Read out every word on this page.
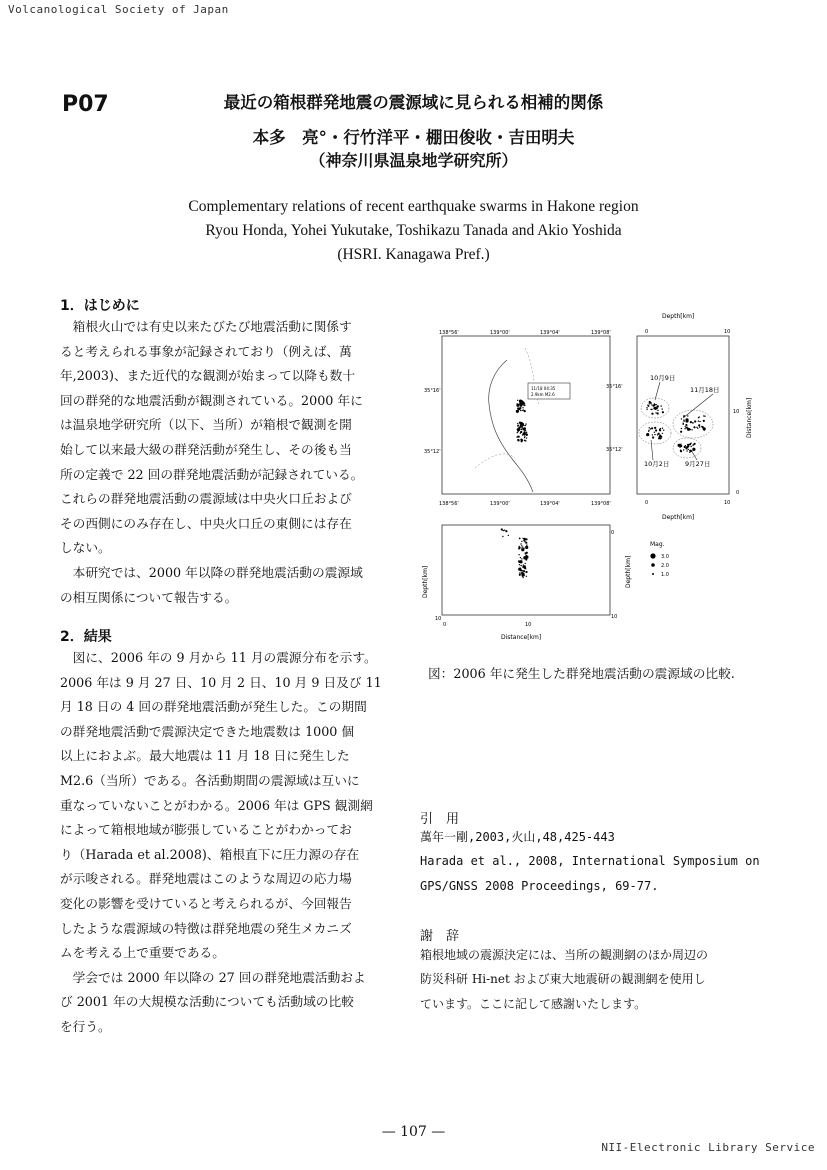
Volcanological Society of Japan
P07	最近の箱根群発地震の震源域に見られる相補的関係
本多　亮°・行竹洋平・棚田俊收・吉田明夫
（神奈川県温泉地学研究所）
Complementary relations of recent earthquake swarms in Hakone region
Ryou Honda, Yohei Yukutake, Toshikazu Tanada and Akio Yoshida
(HSRI. Kanagawa Pref.)
1．はじめに
　箱根火山では有史以来たびたび地震活動に関係す
ると考えられる事象が記録されており（例えば、萬
年,2003)、また近代的な観測が始まって以降も数十
回の群発的な地震活動が観測されている。2000 年に
は温泉地学研究所（以下、当所）が箱根で観測を開
始して以来最大級の群発活動が発生し、その後も当
所の定義で 22 回の群発地震活動が記録されている。
これらの群発地震活動の震源域は中央火口丘および
その西側にのみ存在し、中央火口丘の東側には存在
しない。
　本研究では、2000 年以降の群発地震活動の震源域
の相互関係について報告する。
2．結果
　図に、2006 年の 9 月から 11 月の震源分布を示す。
2006 年は 9 月 27 日、10 月 2 日、10 月 9 日及び 11
月 18 日の 4 回の群発地震活動が発生した。この期間
の群発地震活動で震源決定できた地震数は 1000 個
以上におよぶ。最大地震は 11 月 18 日に発生した
M2.6（当所）である。各活動期間の震源域は互いに
重なっていないことがわかる。2006 年は GPS 観測網
によって箱根地域が膨張していることがわかってお
り（Harada et al.2008)、箱根直下に圧力源の存在
が示唆される。群発地震はこのような周辺の応力場
変化の影響を受けていると考えられるが、今回報告
したような震源域の特徴は群発地震の発生メカニズ
ムを考える上で重要である。
　学会では 2000 年以降の 27 回の群発地震活動およ
び 2001 年の大規模な活動についても活動域の比較
を行う。
138°56'	139°00'	139°04'	139°08'
138°56'	139°00'	139°04'	139°08'
35°16'
35°12'
35°16'
35°12'
11/18 04:35
2.9km M2.6
Depth[km]
0	10
0	10
Depth[km]
Distance[km]
10
0
10月9日
11月18日
10月2日 9月27日
Depth[km]
10
0	10
0
10
Distance[km]
Depth[km]
Mag.
3.0
2.0
1.0
図：2006 年に発生した群発地震活動の震源域の比較.
引　用
萬年一剛,2003,火山,48,425-443
Harada et al., 2008, International Symposium on
GPS/GNSS 2008 Proceedings, 69-77.
謝　辞
箱根地域の震源決定には、当所の観測網のほか周辺の
防災科研 Hi-net および東大地震研の観測網を使用し
ています。ここに記して感謝いたします。
— 107 —
NII-Electronic Library Service
